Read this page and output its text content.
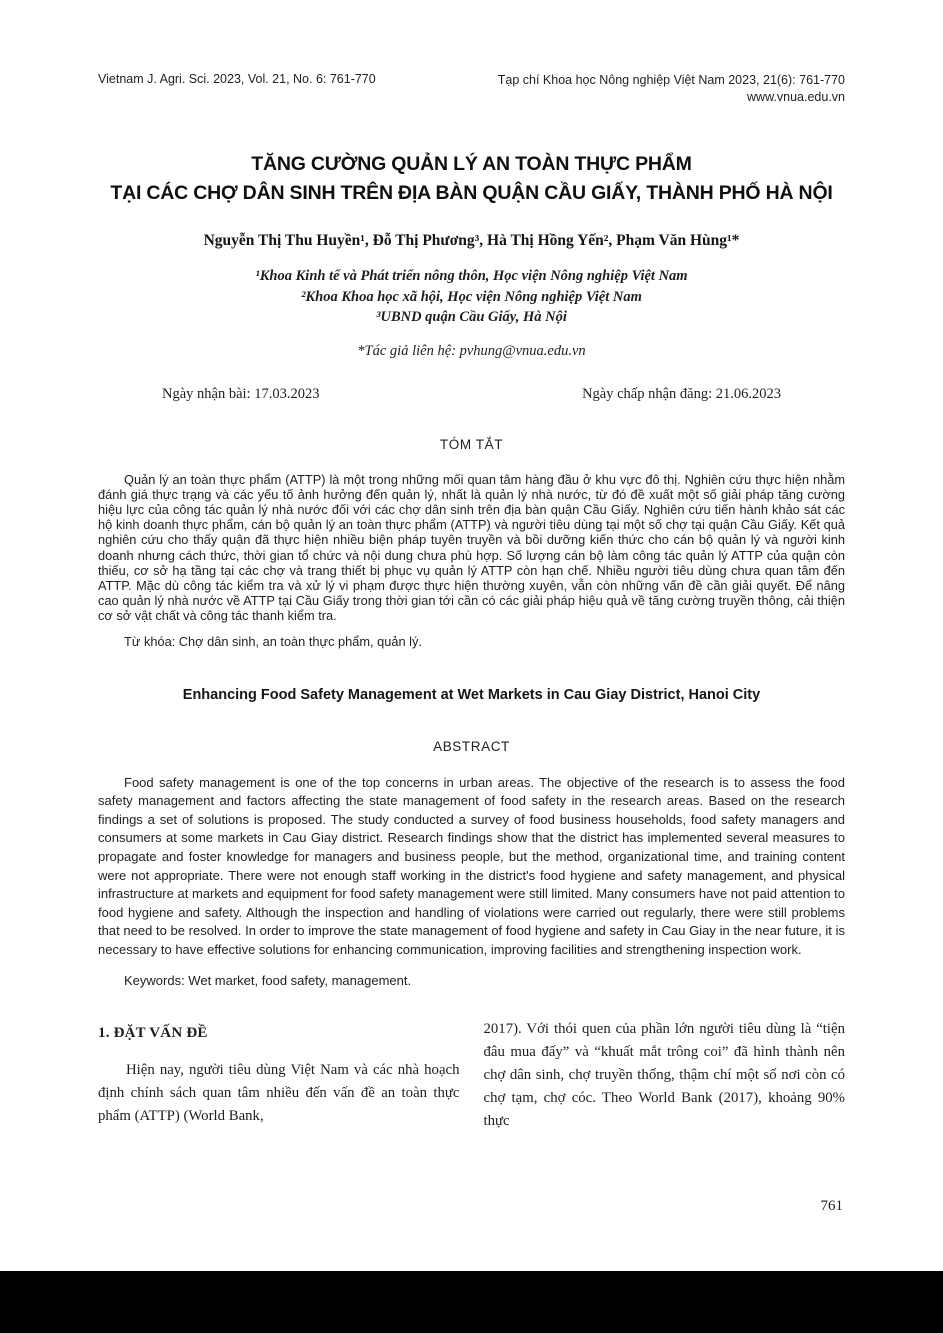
Vietnam J. Agri. Sci. 2023, Vol. 21, No. 6: 761-770	Tạp chí Khoa học Nông nghiệp Việt Nam 2023, 21(6): 761-770
www.vnua.edu.vn
TĂNG CƯỜNG QUẢN LÝ AN TOÀN THỰC PHẨM
TẠI CÁC CHỢ DÂN SINH TRÊN ĐỊA BÀN QUẬN CẦU GIẤY, THÀNH PHỐ HÀ NỘI
Nguyễn Thị Thu Huyền¹, Đỗ Thị Phương³, Hà Thị Hồng Yến², Phạm Văn Hùng¹*
¹Khoa Kinh tế và Phát triển nông thôn, Học viện Nông nghiệp Việt Nam
²Khoa Khoa học xã hội, Học viện Nông nghiệp Việt Nam
³UBND quận Cầu Giấy, Hà Nội
*Tác giả liên hệ: pvhung@vnua.edu.vn
Ngày nhận bài: 17.03.2023	Ngày chấp nhận đăng: 21.06.2023
TÓM TẮT
Quản lý an toàn thực phẩm (ATTP) là một trong những mối quan tâm hàng đầu ở khu vực đô thị. Nghiên cứu thực hiện nhằm đánh giá thực trạng và các yếu tố ảnh hưởng đến quản lý, nhất là quản lý nhà nước, từ đó đề xuất một số giải pháp tăng cường hiệu lực của công tác quản lý nhà nước đối với các chợ dân sinh trên địa bàn quận Cầu Giấy. Nghiên cứu tiến hành khảo sát các hộ kinh doanh thực phẩm, cán bộ quản lý an toàn thực phẩm (ATTP) và người tiêu dùng tại một số chợ tại quận Cầu Giấy. Kết quả nghiên cứu cho thấy quận đã thực hiện nhiều biện pháp tuyên truyền và bồi dưỡng kiến thức cho cán bộ quản lý và người kinh doanh nhưng cách thức, thời gian tổ chức và nội dung chưa phù hợp. Số lượng cán bộ làm công tác quản lý ATTP của quận còn thiếu, cơ sở hạ tầng tại các chợ và trang thiết bị phục vụ quản lý ATTP còn hạn chế. Nhiều người tiêu dùng chưa quan tâm đến ATTP. Mặc dù công tác kiểm tra và xử lý vi phạm được thực hiện thường xuyên, vẫn còn những vấn đề cần giải quyết. Để nâng cao quản lý nhà nước về ATTP tại Cầu Giấy trong thời gian tới cần có các giải pháp hiệu quả về tăng cường truyền thông, cải thiện cơ sở vật chất và công tác thanh kiểm tra.
Từ khóa: Chợ dân sinh, an toàn thực phẩm, quản lý.
Enhancing Food Safety Management at Wet Markets in Cau Giay District, Hanoi City
ABSTRACT
Food safety management is one of the top concerns in urban areas. The objective of the research is to assess the food safety management and factors affecting the state management of food safety in the research areas. Based on the research findings a set of solutions is proposed. The study conducted a survey of food business households, food safety managers and consumers at some markets in Cau Giay district. Research findings show that the district has implemented several measures to propagate and foster knowledge for managers and business people, but the method, organizational time, and training content were not appropriate. There were not enough staff working in the district's food hygiene and safety management, and physical infrastructure at markets and equipment for food safety management were still limited. Many consumers have not paid attention to food hygiene and safety. Although the inspection and handling of violations were carried out regularly, there were still problems that need to be resolved. In order to improve the state management of food hygiene and safety in Cau Giay in the near future, it is necessary to have effective solutions for enhancing communication, improving facilities and strengthening inspection work.
Keywords: Wet market, food safety, management.
1. ĐẶT VẤN ĐỀ

Hiện nay, người tiêu dùng Việt Nam và các nhà hoạch định chính sách quan tâm nhiều đến vấn đề an toàn thực phẩm (ATTP) (World Bank,

2017). Với thói quen của phần lớn người tiêu dùng là “tiện đâu mua đấy” và “khuất mắt trông coi” đã hình thành nên chợ dân sinh, chợ truyền thống, thậm chí một số nơi còn có chợ tạm, chợ cóc. Theo World Bank (2017), khoảng 90% thực

761
